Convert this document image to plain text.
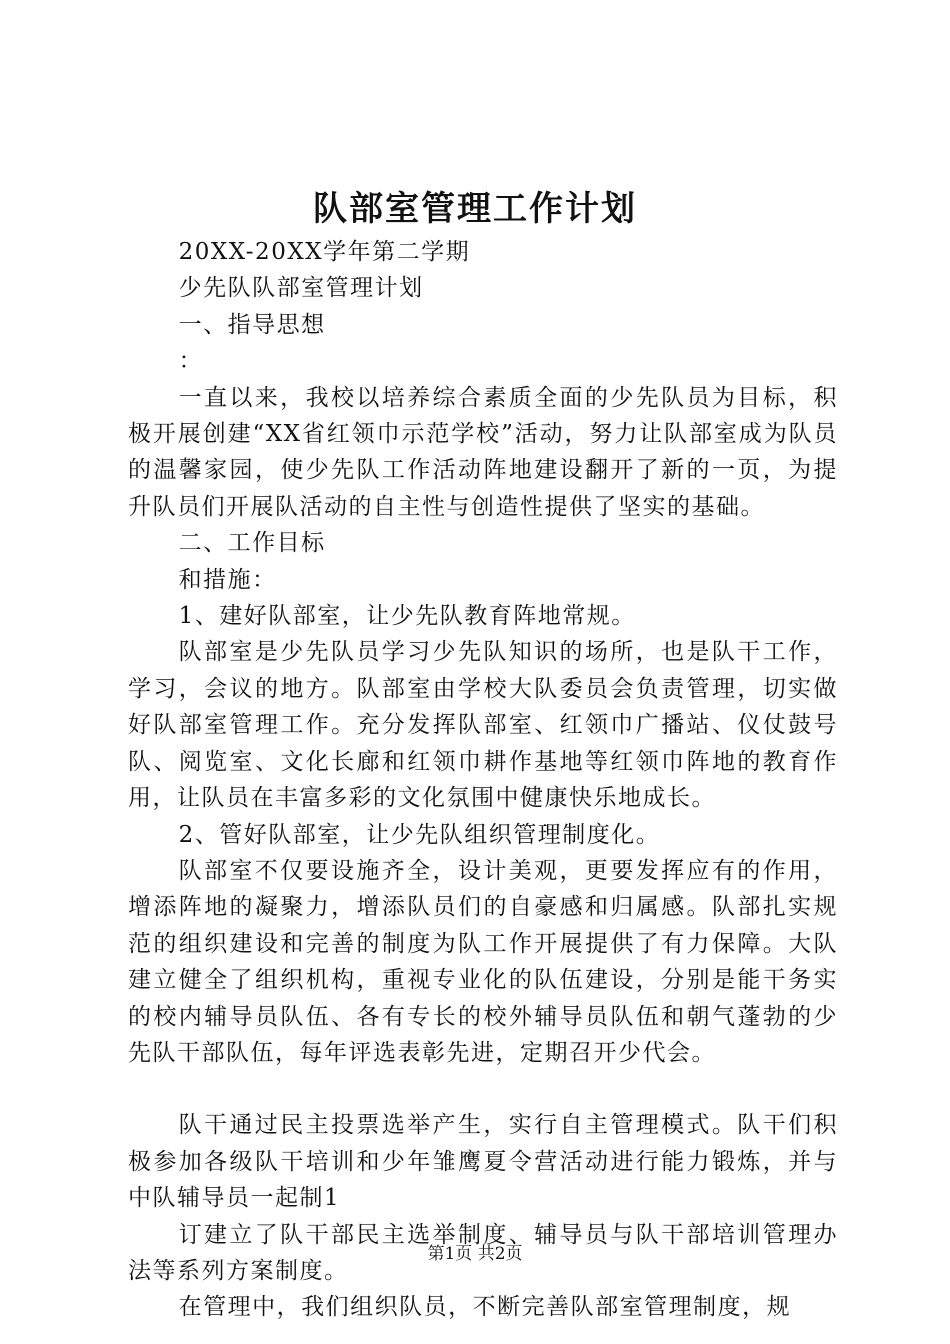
队部室管理工作计划

20XX-20XX学年第二学期

少先队队部室管理计划

一、指导思想

：

一直以来，我校以培养综合素质全面的少先队员为目标，积极开展创建“XX省红领巾示范学校”活动，努力让队部室成为队员的温馨家园，使少先队工作活动阵地建设翻开了新的一页，为提升队员们开展队活动的自主性与创造性提供了坚实的基础。

二、工作目标

和措施：

1、建好队部室，让少先队教育阵地常规。

队部室是少先队员学习少先队知识的场所，也是队干工作，学习，会议的地方。队部室由学校大队委员会负责管理，切实做好队部室管理工作。充分发挥队部室、红领巾广播站、仪仗鼓号队、阅览室、文化长廊和红领巾耕作基地等红领巾阵地的教育作用，让队员在丰富多彩的文化氛围中健康快乐地成长。

2、管好队部室，让少先队组织管理制度化。

队部室不仅要设施齐全，设计美观，更要发挥应有的作用，增添阵地的凝聚力，增添队员们的自豪感和归属感。队部扎实规范的组织建设和完善的制度为队工作开展提供了有力保障。大队建立健全了组织机构，重视专业化的队伍建设，分别是能干务实的校内辅导员队伍、各有专长的校外辅导员队伍和朝气蓬勃的少先队干部队伍，每年评选表彰先进，定期召开少代会。

队干通过民主投票选举产生，实行自主管理模式。队干们积极参加各级队干培训和少年雏鹰夏令营活动进行能力锻炼，并与中队辅导员一起制1

订建立了队干部民主选举制度、辅导员与队干部培训管理办法等系列方案制度。

在管理中，我们组织队员，不断完善队部室管理制度，规

第1页 共2页
